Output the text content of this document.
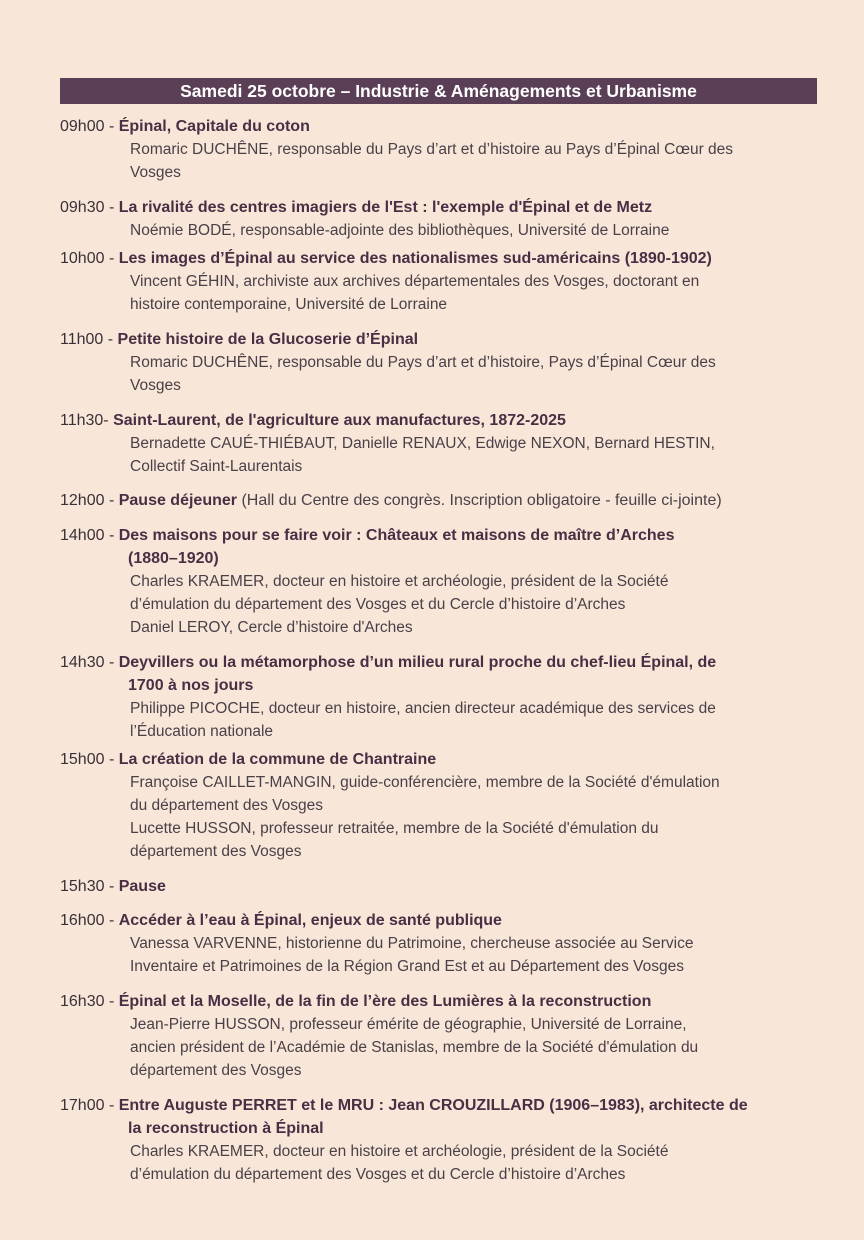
Samedi 25 octobre – Industrie & Aménagements et Urbanisme
09h00 - Épinal, Capitale du coton
Romaric DUCHÊNE, responsable du Pays d’art et d’histoire au Pays d’Épinal Cœur des
Vosges
09h30 - La rivalité des centres imagiers de l'Est : l'exemple d'Épinal et de Metz
Noémie BODÉ, responsable-adjointe des bibliothèques, Université de Lorraine
10h00 - Les images d’Épinal au service des nationalismes sud-américains (1890-1902)
Vincent GÉHIN, archiviste aux archives départementales des Vosges, doctorant en
histoire contemporaine, Université de Lorraine
11h00 - Petite histoire de la Glucoserie d’Épinal
Romaric DUCHÊNE, responsable du Pays d’art et d’histoire, Pays d’Épinal Cœur des
Vosges
11h30- Saint-Laurent, de l'agriculture aux manufactures, 1872-2025
Bernadette CAUÉ-THIÉBAUT, Danielle RENAUX, Edwige NEXON, Bernard HESTIN,
Collectif Saint-Laurentais
12h00 - Pause déjeuner (Hall du Centre des congrès. Inscription obligatoire - feuille ci-jointe)
14h00 - Des maisons pour se faire voir : Châteaux et maisons de maître d’Arches
(1880–1920)
Charles KRAEMER, docteur en histoire et archéologie, président de la Société
d’émulation du département des Vosges et du Cercle d’histoire d’Arches
Daniel LEROY, Cercle d’histoire d'Arches
14h30 - Deyvillers ou la métamorphose d’un milieu rural proche du chef-lieu Épinal, de
1700 à nos jours
Philippe PICOCHE, docteur en histoire, ancien directeur académique des services de
l’Éducation nationale
15h00 - La création de la commune de Chantraine
Françoise CAILLET-MANGIN, guide-conférencière, membre de la Société d'émulation
du département des Vosges
Lucette HUSSON, professeur retraitée, membre de la Société d'émulation du
département des Vosges
15h30 - Pause
16h00 - Accéder à l’eau à Épinal, enjeux de santé publique
Vanessa VARVENNE, historienne du Patrimoine, chercheuse associée au Service
Inventaire et Patrimoines de la Région Grand Est et au Département des Vosges
16h30 - Épinal et la Moselle, de la fin de l’ère des Lumières à la reconstruction
Jean-Pierre HUSSON, professeur émérite de géographie, Université de Lorraine,
ancien président de l’Académie de Stanislas, membre de la Société d'émulation du
département des Vosges
17h00 - Entre Auguste PERRET et le MRU : Jean CROUZILLARD (1906–1983), architecte de
la reconstruction à Épinal
Charles KRAEMER, docteur en histoire et archéologie, président de la Société
d’émulation du département des Vosges et du Cercle d’histoire d’Arches
